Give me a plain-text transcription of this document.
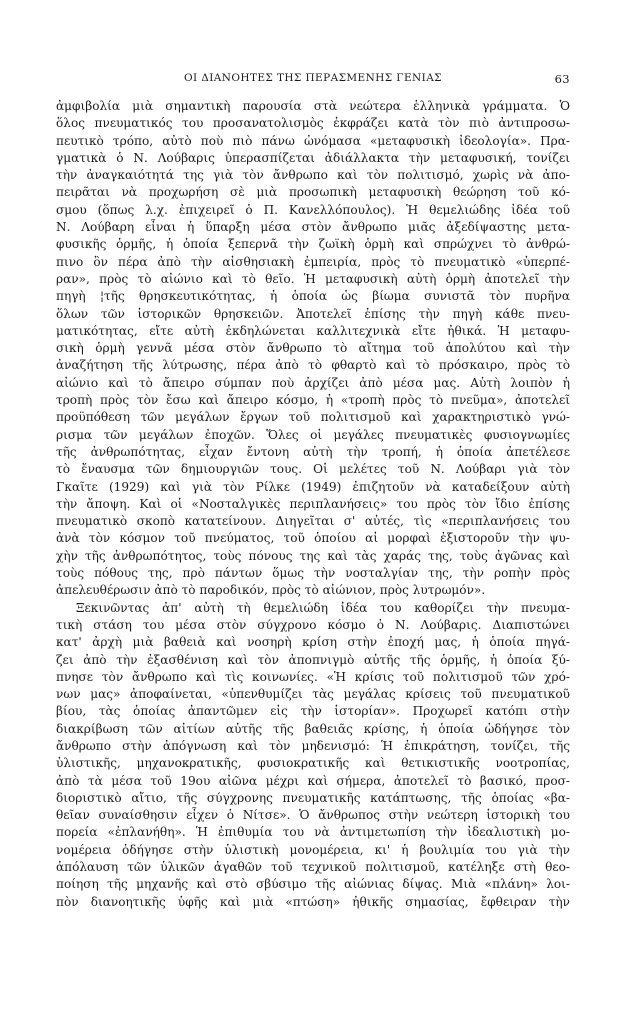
ΟΙ ΔΙΑΝΟΗΤΕΣ ΤΗΣ ΠΕΡΑΣΜΕΝΗΣ ΓΕΝΙΑΣ	63
ἀμφιβολία μιὰ σημαντικὴ παρουσία στὰ νεώτερα ἑλληνικὰ γράμματα. Ὁ
ὅλος πνευματικός του προσανατολισμὸς ἐκφράζει κατὰ τὸν πιὸ ἀντιπροσω-
πευτικὸ τρόπο, αὐτὸ ποὺ πιὸ πάνω ὠνόμασα «μεταφυσικὴ ἰδεολογία». Πρα-
γματικὰ ὁ Ν. Λούβαρις ὑπερασπίζεται ἀδιάλλακτα τὴν μεταφυσική, τονίζει
τὴν ἀναγκαιότητά της γιὰ τὸν ἄνθρωπο καὶ τὸν πολιτισμό, χωρὶς νὰ ἀπο-
πειρᾶται νὰ προχωρήση σὲ μιὰ προσωπικὴ μεταφυσικὴ θεώρηση τοῦ κό-
σμου (ὅπως λ.χ. ἐπιχειρεῖ ὁ Π. Κανελλόπουλος). Ἡ θεμελιώδης ἰδέα τοῦ
Ν. Λούβαρη εἶναι ἡ ὕπαρξη μέσα στὸν ἄνθρωπο μιᾶς ἀξεδίψαστης μετα-
φυσικῆς ὁρμῆς, ἡ ὁποία ξεπερνᾶ τὴν ζωϊκὴ ὁρμὴ καὶ σπρώχνει τὸ ἀνθρώ-
πινο ὂν πέρα ἀπὸ τὴν αἰσθησιακὴ ἐμπειρία, πρὸς τὸ πνευματικὸ «ὑπερπέ-
ραν», πρὸς τὸ αἰώνιο καὶ τὸ θεῖο. Ἡ μεταφυσικὴ αὐτὴ ὁρμὴ ἀποτελεῖ τὴν
πηγὴ ¦τῆς θρησκευτικότητας, ἡ ὁποία ὡς βίωμα συνιστᾶ τὸν πυρῆνα
ὅλων τῶν ἱστορικῶν θρησκειῶν. Ἀποτελεῖ ἐπίσης τὴν πηγὴ κάθε πνευ-
ματικότητας, εἴτε αὐτὴ ἐκδηλώνεται καλλιτεχνικὰ εἴτε ἠθικά. Ἡ μεταφυ-
σικὴ ὁρμὴ γεννᾶ μέσα στὸν ἄνθρωπο τὸ αἴτημα τοῦ ἀπολύτου καὶ τὴν
ἀναζήτηση τῆς λύτρωσης, πέρα ἀπὸ τὸ φθαρτὸ καὶ τὸ πρόσκαιρο, πρὸς τὸ
αἰώνιο καὶ τὸ ἄπειρο σύμπαν ποὺ ἀρχίζει ἀπὸ μέσα μας. Αὐτὴ λοιπὸν ἡ
τροπὴ πρὸς τὸν ἔσω καὶ ἄπειρο κόσμο, ἡ «τροπὴ πρὸς τὸ πνεῦμα», ἀποτελεῖ
προϋπόθεση τῶν μεγάλων ἔργων τοῦ πολιτισμοῦ καὶ χαρακτηριστικὸ γνώ-
ρισμα τῶν μεγάλων ἐποχῶν. Ὅλες οἱ μεγάλες πνευματικὲς φυσιογνωμίες
τῆς ἀνθρωπότητας, εἶχαν ἔντονη αὐτὴ τὴν τροπή, ἡ ὁποία ἀπετέλεσε
τὸ ἔναυσμα τῶν δημιουργιῶν τους. Οἱ μελέτες τοῦ Ν. Λούβαρι γιὰ τὸν
Γκαῖτε (1929) καὶ γιὰ τὸν Ρίλκε (1949) ἐπιζητοῦν νὰ καταδείξουν αὐτὴ
τὴν ἄποψη. Καὶ οἱ «Νοσταλγικὲς περιπλανήσεις» του πρὸς τὸν ἴδιο ἐπίσης
πνευματικὸ σκοπὸ κατατείνουν. Διηγεῖται σ' αὐτές, τὶς «περιπλανήσεις του
ἀνὰ τὸν κόσμον τοῦ πνεύματος, τοῦ ὁποίου αἱ μορφαὶ ἐξιστοροῦν τὴν ψυ-
χὴν τῆς ἀνθρωπότητος, τοὺς πόνους της καὶ τὰς χαράς της, τοὺς ἀγῶνας καὶ
τοὺς πόθους της, πρὸ πάντων ὅμως τὴν νοσταλγίαν της, τὴν ροπὴν πρὸς
ἀπελευθέρωσιν ἀπὸ τὸ παροδικόν, πρὸς τὸ αἰώνιον, πρὸς λυτρωμόν».
Ξεκινῶντας ἀπ' αὐτὴ τὴ θεμελιώδη ἰδέα του καθορίζει τὴν πνευμα-
τικὴ στάση του μέσα στὸν σύγχρονο κόσμο ὁ Ν. Λούβαρις. Διαπιστώνει
κατ' ἀρχὴ μιὰ βαθειὰ καὶ νοσηρὴ κρίση στὴν ἐποχή μας, ἡ ὁποία πηγά-
ζει ἀπὸ τὴν ἐξασθένιση καὶ τὸν ἀποπνιγμὸ αὐτῆς τῆς ὁρμῆς, ἡ ὁποία ξύ-
πνησε τὸν ἄνθρωπο καὶ τὶς κοινωνίες. «Ἡ κρίσις τοῦ πολιτισμοῦ τῶν χρό-
νων μας» ἀποφαίνεται, «ὑπενθυμίζει τὰς μεγάλας κρίσεις τοῦ πνευματικοῦ
βίου, τὰς ὁποίας ἀπαντῶμεν εἰς τὴν ἱστορίαν». Προχωρεῖ κατόπι στὴν
διακρίβωση τῶν αἰτίων αὐτῆς τῆς βαθειᾶς κρίσης, ἡ ὁποία ὡδήγησε τὸν
ἄνθρωπο στὴν ἀπόγνωση καὶ τὸν μηδενισμό: Ἡ ἐπικράτηση, τονίζει, τῆς
ὑλιστικῆς, μηχανοκρατικῆς, φυσιοκρατικῆς καὶ θετικιστικῆς νοοτροπίας,
ἀπὸ τὰ μέσα τοῦ 19ου αἰῶνα μέχρι καὶ σήμερα, ἀποτελεῖ τὸ βασικό, προσ-
διοριστικὸ αἴτιο, τῆς σύγχρονης πνευματικῆς κατάπτωσης, τῆς ὁποίας «βα-
θεῖαν συναίσθησιν εἶχεν ὁ Νίτσε». Ὁ ἄνθρωπος στὴν νεώτερη ἱστορικὴ του
πορεία «ἐπλανήθη». Ἡ ἐπιθυμία του νὰ ἀντιμετωπίση τὴν ἰδεαλιστικὴ μο-
νομέρεια ὁδήγησε στὴν ὑλιστικὴ μονομέρεια, κι' ἡ βουλιμία του γιὰ τὴν
ἀπόλαυση τῶν ὑλικῶν ἀγαθῶν τοῦ τεχνικοῦ πολιτισμοῦ, κατέληξε στὴ θεο-
ποίηση τῆς μηχανῆς καὶ στὸ σβύσιμο τῆς αἰώνιας δίψας. Μιὰ «πλάνη» λοι-
πὸν διανοητικῆς ὑφῆς καὶ μιὰ «πτώση» ἠθικῆς σημασίας, ἔφθειραν τὴν
